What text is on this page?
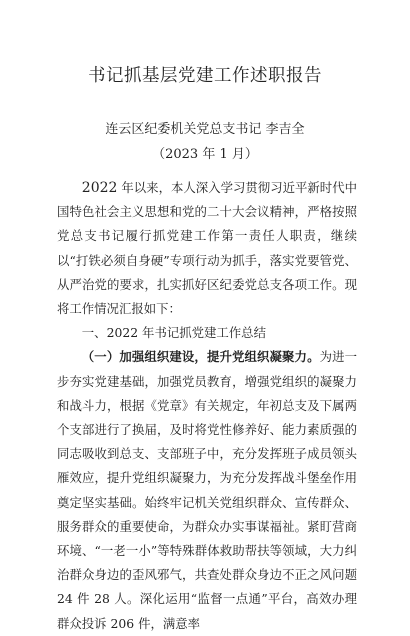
书记抓基层党建工作述职报告
连云区纪委机关党总支书记 李吉全
（2023 年 1 月）

2022 年以来，本人深入学习贯彻习近平新时代中国特色社会主义思想和党的二十大会议精神，严格按照党总支书记履行抓党建工作第一责任人职责，继续以“打铁必须自身硬”专项行动为抓手，落实党要管党、从严治党的要求，扎实抓好区纪委党总支各项工作。现将工作情况汇报如下：

一、2022 年书记抓党建工作总结

（一）加强组织建设，提升党组织凝聚力。为进一步夯实党建基础，加强党员教育，增强党组织的凝聚力和战斗力，根据《党章》有关规定，年初总支及下属两个支部进行了换届，及时将党性修养好、能力素质强的同志吸收到总支、支部班子中，充分发挥班子成员领头雁效应，提升党组织凝聚力，为充分发挥战斗堡垒作用奠定坚实基础。始终牢记机关党组织群众、宣传群众、服务群众的重要使命，为群众办实事谋福祉。紧盯营商环境、“一老一小”等特殊群体救助帮扶等领域，大力纠治群众身边的歪风邪气，共查处群众身边不正之风问题 24 件 28 人。深化运用“监督一点通”平台，高效办理群众投诉 206 件，满意率
